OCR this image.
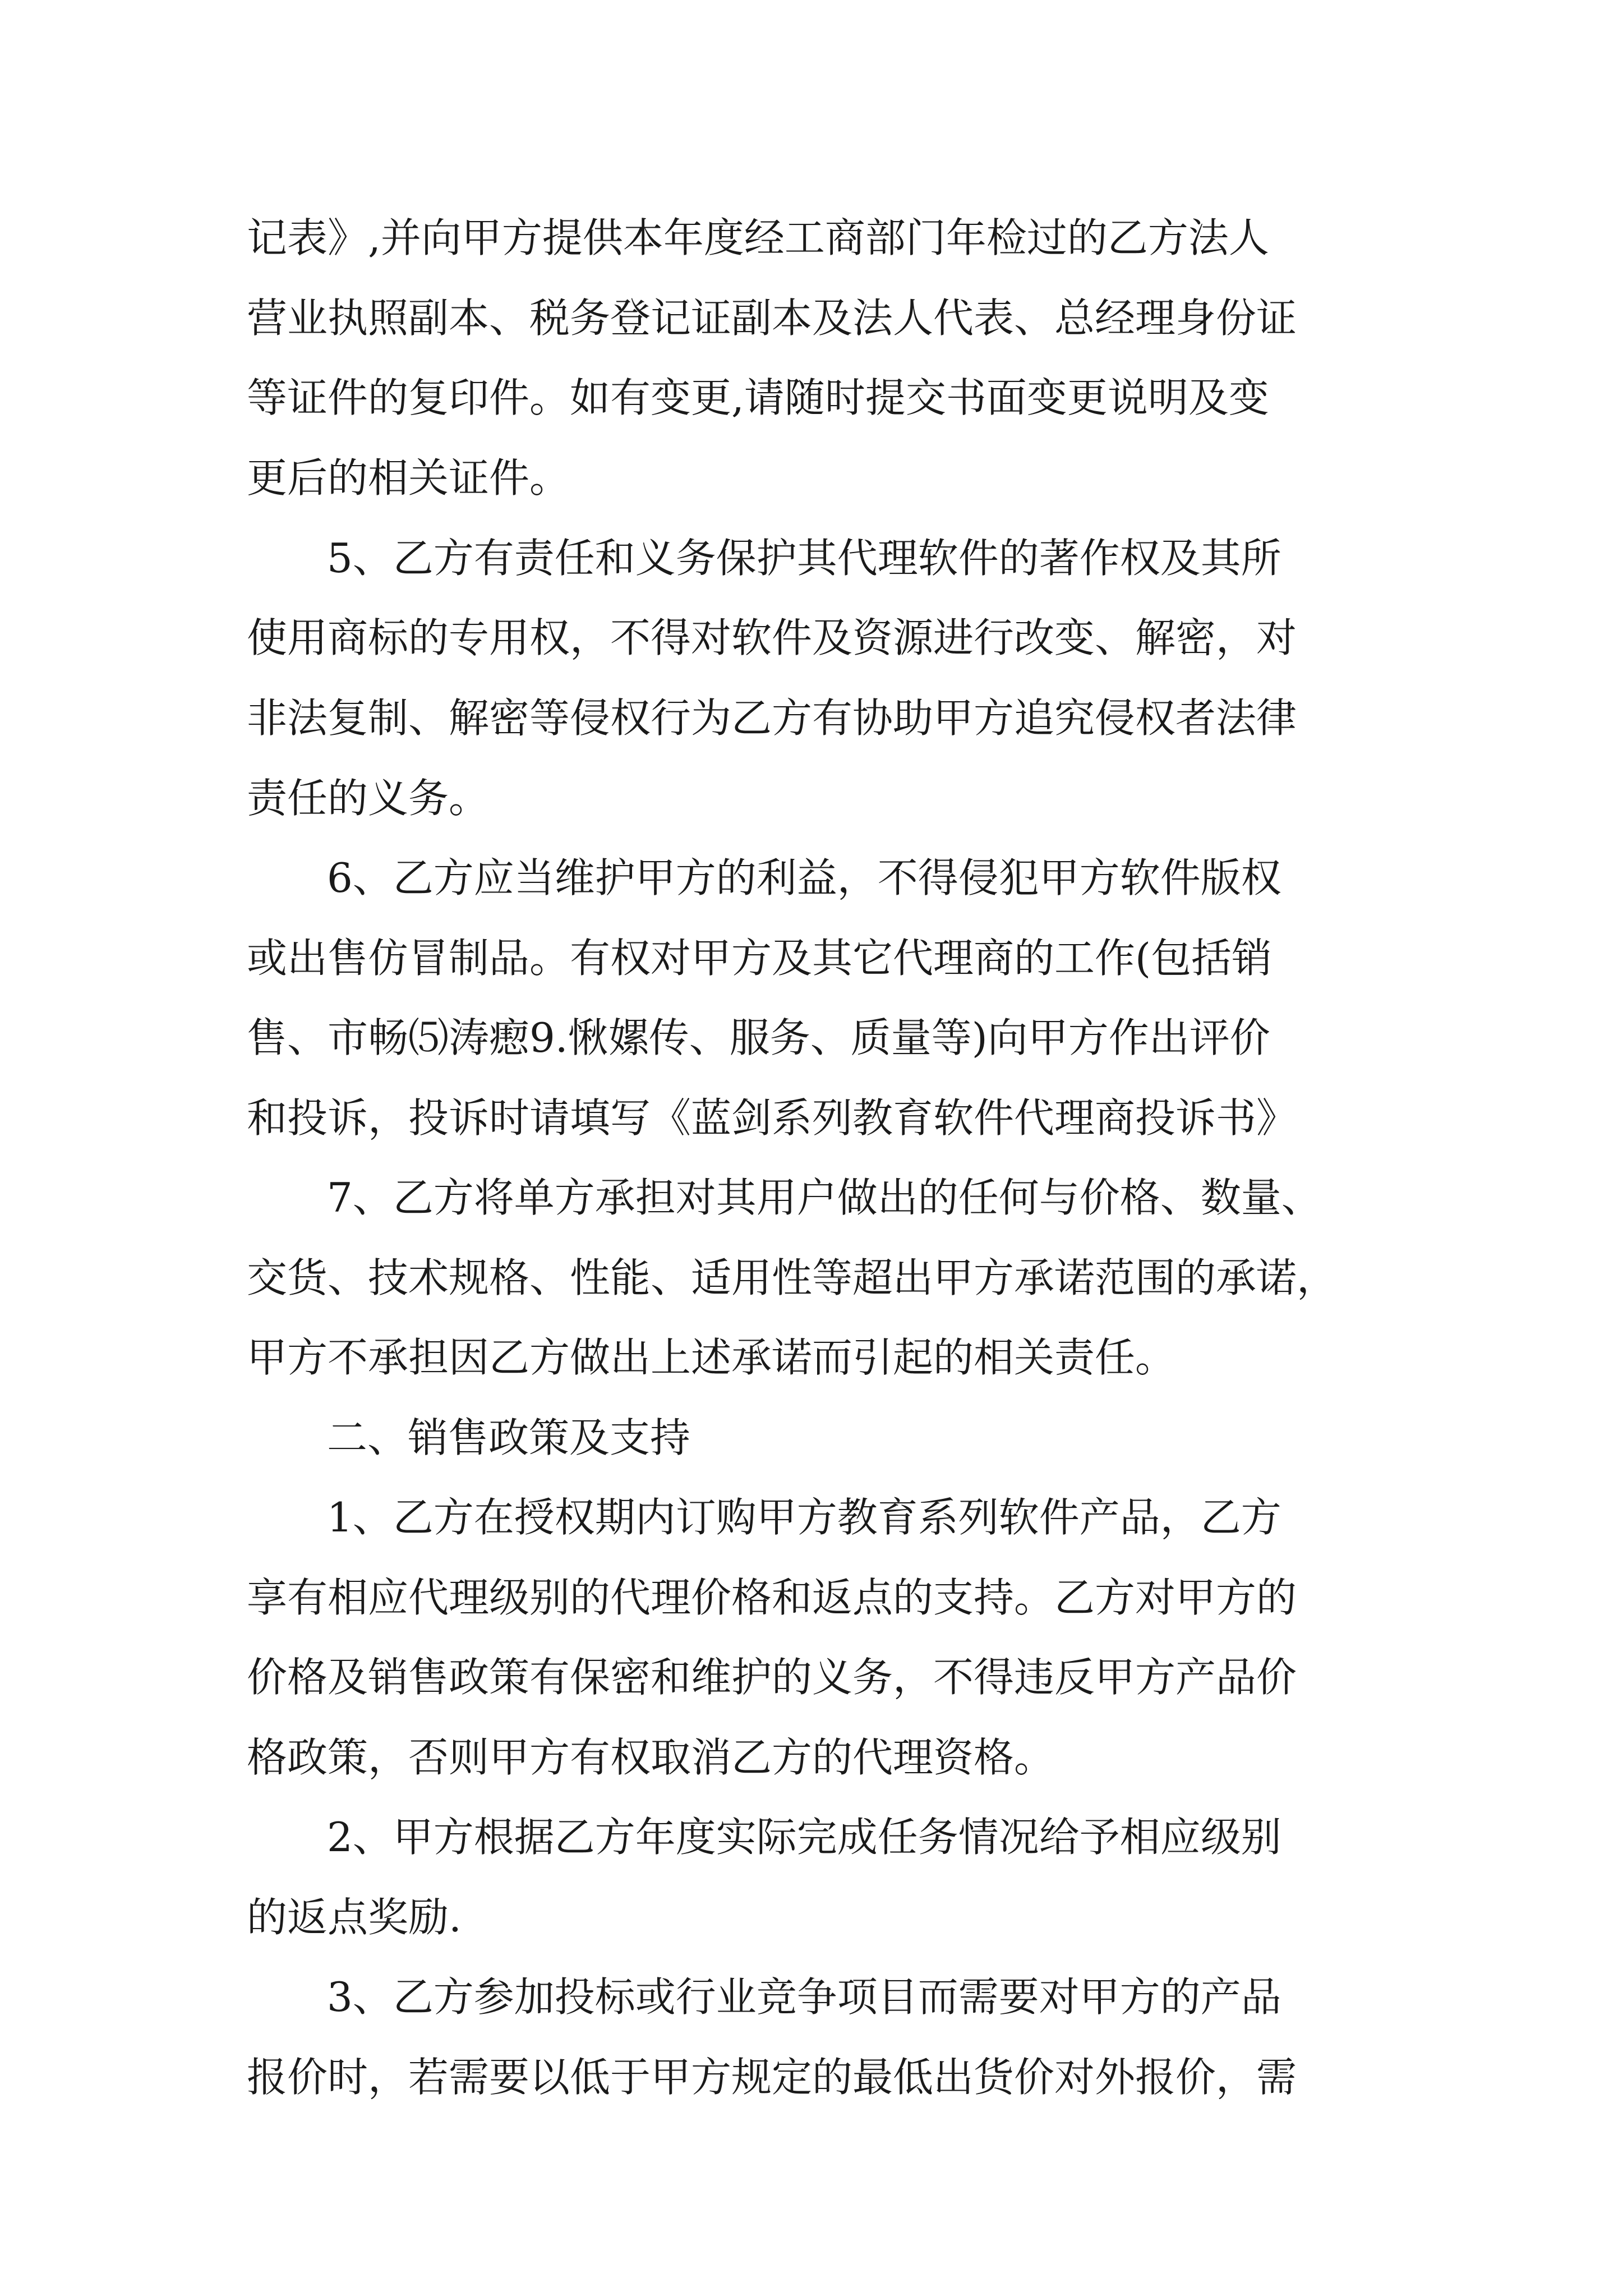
记表》,并向甲方提供本年度经工商部门年检过的乙方法人
营业执照副本、税务登记证副本及法人代表、总经理身份证
等证件的复印件。如有变更,请随时提交书面变更说明及变
更后的相关证件。
5、乙方有责任和义务保护其代理软件的著作权及其所
使用商标的专用权，不得对软件及资源进行改变、解密，对
非法复制、解密等侵权行为乙方有协助甲方追究侵权者法律
责任的义务。
6、乙方应当维护甲方的利益，不得侵犯甲方软件版权
或出售仿冒制品。有权对甲方及其它代理商的工作(包括销
售、市畅⑸涛瘛9.愀嫘传、服务、质量等)向甲方作出评价
和投诉，投诉时请填写《蓝剑系列教育软件代理商投诉书》
7、乙方将单方承担对其用户做出的任何与价格、数量、
交货、技术规格、性能、适用性等超出甲方承诺范围的承诺，
甲方不承担因乙方做出上述承诺而引起的相关责任。
二、销售政策及支持
1、乙方在授权期内订购甲方教育系列软件产品，乙方
享有相应代理级别的代理价格和返点的支持。乙方对甲方的
价格及销售政策有保密和维护的义务，不得违反甲方产品价
格政策，否则甲方有权取消乙方的代理资格。
2、甲方根据乙方年度实际完成任务情况给予相应级别
的返点奖励.
3、乙方参加投标或行业竞争项目而需要对甲方的产品
报价时，若需要以低于甲方规定的最低出货价对外报价，需
